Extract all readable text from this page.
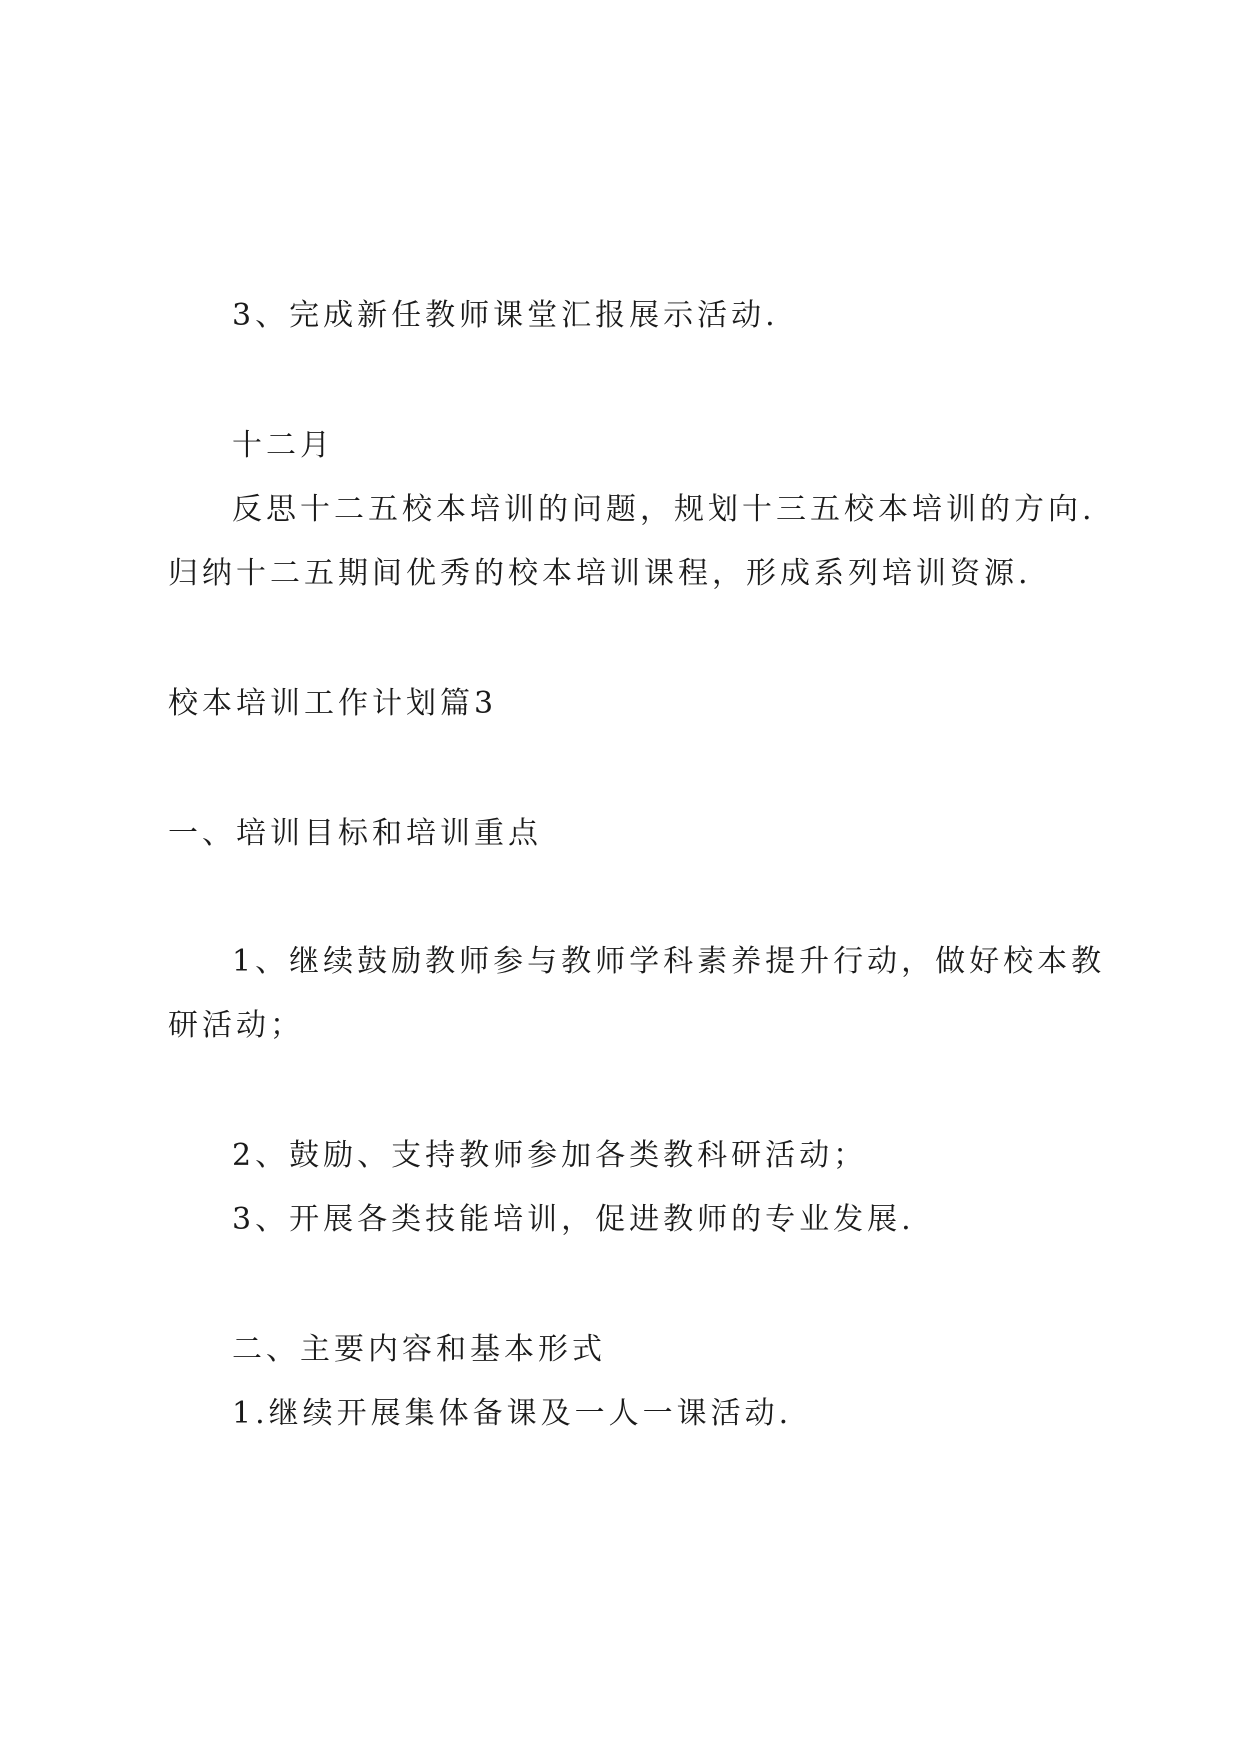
3、完成新任教师课堂汇报展示活动.

十二月

反思十二五校本培训的问题，规划十三五校本培训的方向.

归纳十二五期间优秀的校本培训课程，形成系列培训资源.

校本培训工作计划篇3

一、培训目标和培训重点

1、继续鼓励教师参与教师学科素养提升行动，做好校本教

研活动；

2、鼓励、支持教师参加各类教科研活动；

3、开展各类技能培训，促进教师的专业发展.

二、主要内容和基本形式

1.继续开展集体备课及一人一课活动.
